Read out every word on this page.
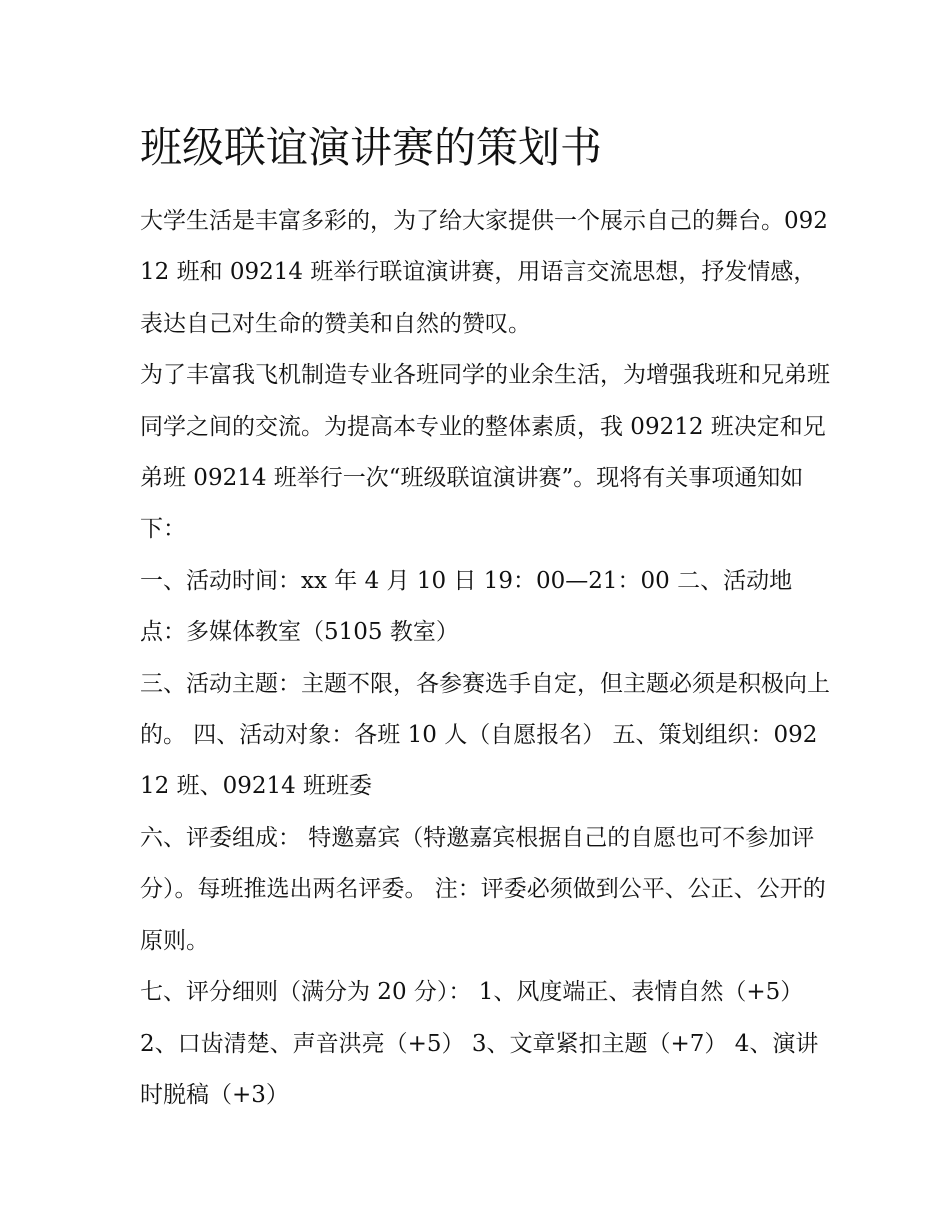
班级联谊演讲赛的策划书

大学生活是丰富多彩的，为了给大家提供一个展示自己的舞台。09212 班和 09214 班举行联谊演讲赛，用语言交流思想，抒发情感，表达自己对生命的赞美和自然的赞叹。

为了丰富我飞机制造专业各班同学的业余生活，为增强我班和兄弟班同学之间的交流。为提高本专业的整体素质，我 09212 班决定和兄弟班 09214 班举行一次“班级联谊演讲赛”。现将有关事项通知如下：

一、活动时间：xx 年 4 月 10 日 19：00—21：00 二、活动地点：多媒体教室（5105 教室）

三、活动主题：主题不限，各参赛选手自定，但主题必须是积极向上的。 四、活动对象：各班 10 人（自愿报名） 五、策划组织：09212 班、09214 班班委

六、评委组成： 特邀嘉宾（特邀嘉宾根据自己的自愿也可不参加评分）。每班推选出两名评委。 注：评委必须做到公平、公正、公开的原则。

七、评分细则（满分为 20 分）： 1、风度端正、表情自然（+5） 2、口齿清楚、声音洪亮（+5） 3、文章紧扣主题（+7） 4、演讲时脱稿（+3）
